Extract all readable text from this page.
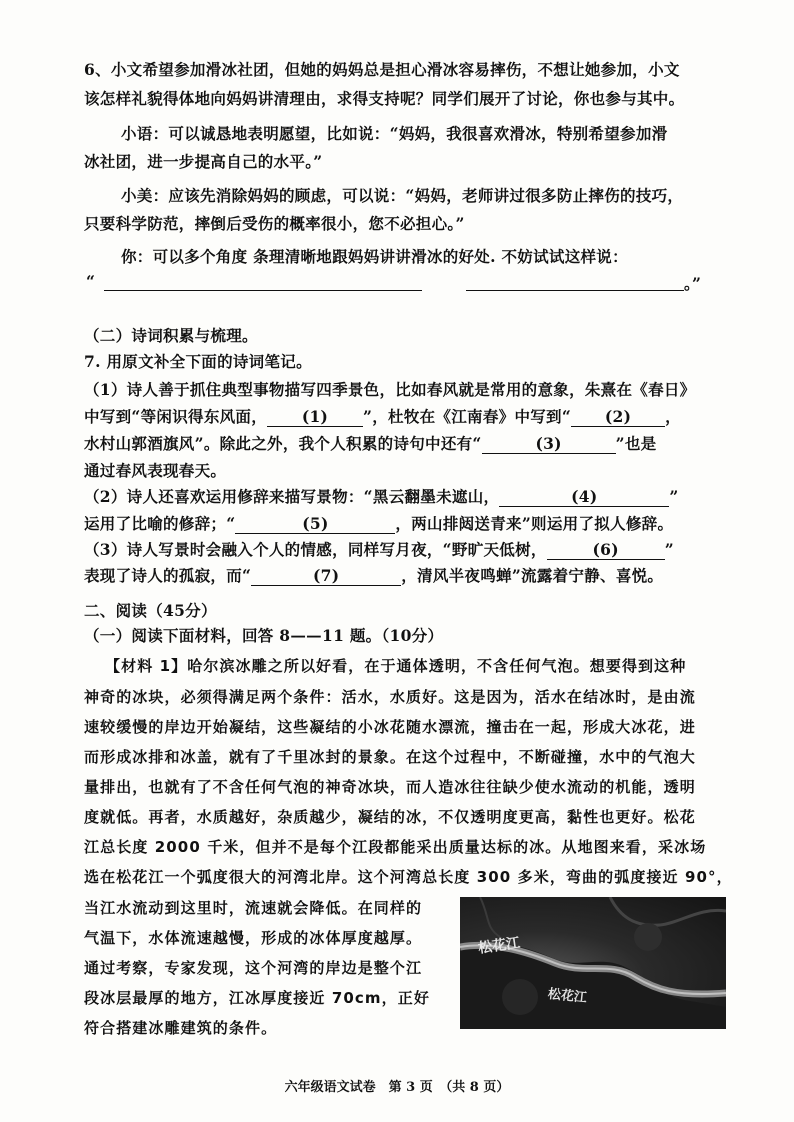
6、小文希望参加滑冰社团，但她的妈妈总是担心滑冰容易摔伤，不想让她参加，小文
该怎样礼貌得体地向妈妈讲清理由，求得支持呢？同学们展开了讨论，你也参与其中。
小语：可以诚恳地表明愿望，比如说：“妈妈，我很喜欢滑冰，特别希望参加滑
冰社团，进一步提高自己的水平。”
小美：应该先消除妈妈的顾虑，可以说：“妈妈，老师讲过很多防止摔伤的技巧，
只要科学防范，摔倒后受伤的概率很小，您不必担心。”
你：可以多个角度 条理清晰地跟妈妈讲讲滑冰的好处. 不妨试试这样说：
“	。”
（二）诗词积累与梳理。
7. 用原文补全下面的诗词笔记。
（1）诗人善于抓住典型事物描写四季景色，比如春风就是常用的意象，朱熹在《春日》
中写到“等闲识得东风面， (1) ”，杜牧在《江南春》中写到“ (2) ，
水村山郭酒旗风”。除此之外，我个人积累的诗句中还有“	(3)	”也是
通过春风表现春天。
（2）诗人还喜欢运用修辞来描写景物：“黑云翻墨未遮山，	(4)	”
运用了比喻的修辞；“	(5)	，两山排闼送青来”则运用了拟人修辞。
（3）诗人写景时会融入个人的情感，同样写月夜，“野旷天低树，	(6)	”
表现了诗人的孤寂，而“	(7)	，清风半夜鸣蝉”流露着宁静、喜悦。
二、阅读（45分）
（一）阅读下面材料，回答 8——11 题。（10分）
【材料 1】哈尔滨冰雕之所以好看，在于通体透明，不含任何气泡。想要得到这种
神奇的冰块，必须得满足两个条件：活水，水质好。这是因为，活水在结冰时，是由流
速较缓慢的岸边开始凝结，这些凝结的小冰花随水漂流，撞击在一起，形成大冰花，进
而形成冰排和冰盖，就有了千里冰封的景象。在这个过程中，不断碰撞，水中的气泡大
量排出，也就有了不含任何气泡的神奇冰块，而人造冰往往缺少使水流动的机能，透明
度就低。再者，水质越好，杂质越少，凝结的冰，不仅透明度更高，黏性也更好。松花
江总长度 2000 千米，但并不是每个江段都能采出质量达标的冰。从地图来看，采冰场
选在松花江一个弧度很大的河湾北岸。这个河湾总长度 300 多米，弯曲的弧度接近 90°，
当江水流动到这里时，流速就会降低。在同样的
气温下，水体流速越慢，形成的冰体厚度越厚。
通过考察，专家发现，这个河湾的岸边是整个江
段冰层最厚的地方，江冰厚度接近 70cm，正好
符合搭建冰雕建筑的条件。
松花江
松花江
六年级语文试卷　第 3 页　（共 8 页）
